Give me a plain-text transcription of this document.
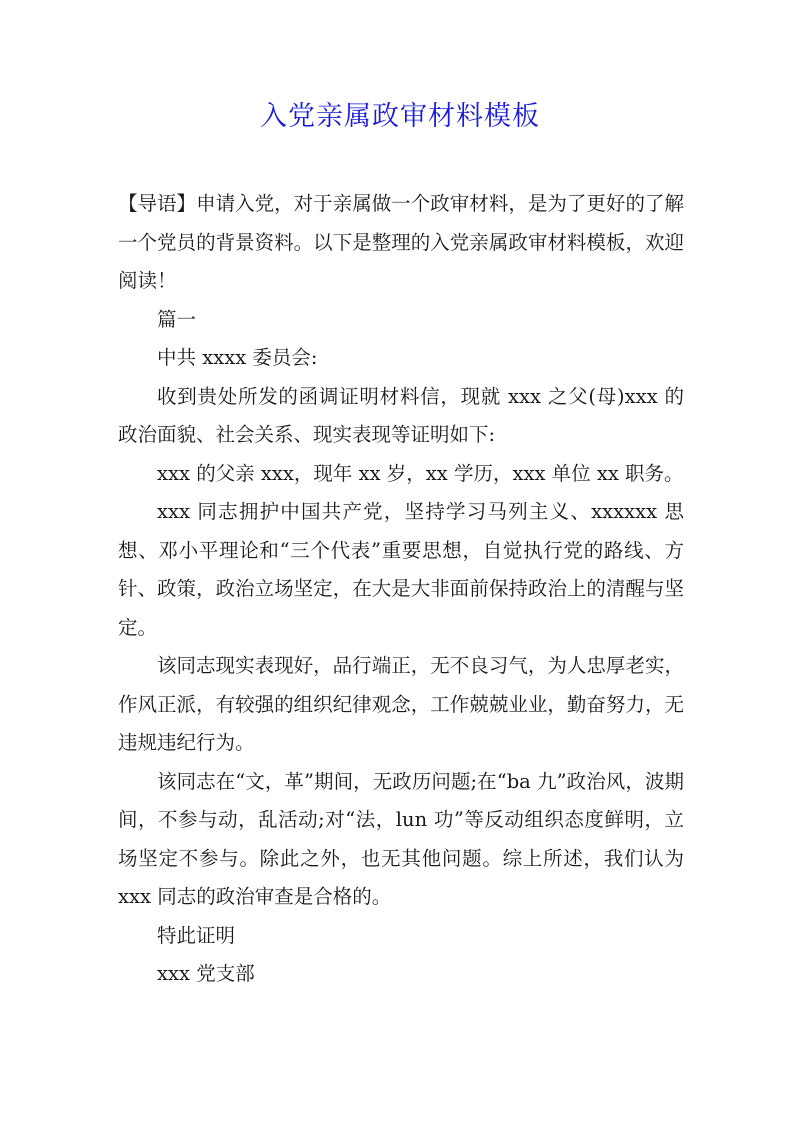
入党亲属政审材料模板

【导语】申请入党，对于亲属做一个政审材料，是为了更好的了解一个党员的背景资料。以下是整理的入党亲属政审材料模板，欢迎阅读！

篇一

中共 xxxx 委员会:

收到贵处所发的函调证明材料信，现就 xxx 之父(母)xxx 的政治面貌、社会关系、现实表现等证明如下:

xxx 的父亲 xxx，现年 xx 岁，xx 学历，xxx 单位 xx 职务。

xxx 同志拥护中国共产党，坚持学习马列主义、xxxxxx 思想、邓小平理论和“三个代表”重要思想，自觉执行党的路线、方针、政策，政治立场坚定，在大是大非面前保持政治上的清醒与坚定。

该同志现实表现好，品行端正，无不良习气，为人忠厚老实，作风正派，有较强的组织纪律观念，工作兢兢业业，勤奋努力，无违规违纪行为。

该同志在“文，革”期间，无政历问题;在“ba 九”政治风，波期间，不参与动，乱活动;对“法，lun 功”等反动组织态度鲜明，立场坚定不参与。除此之外，也无其他问题。综上所述，我们认为 xxx 同志的政治审查是合格的。

特此证明

xxx 党支部
